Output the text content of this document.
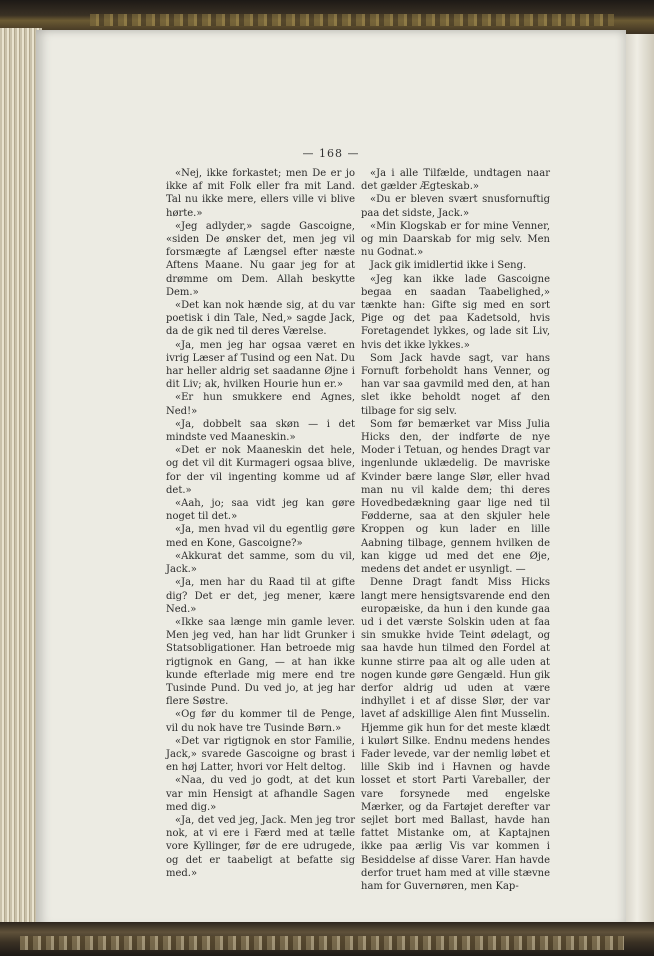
— 168 —

«Nej, ikke forkastet; men De er jo ikke af mit Folk eller fra mit Land. Tal nu ikke mere, ellers ville vi blive hørte.»

«Jeg adlyder,» sagde Gascoigne, «siden De ønsker det, men jeg vil forsmægte af Længsel efter næste Aftens Maane. Nu gaar jeg for at drømme om Dem. Allah beskytte Dem.»

«Det kan nok hænde sig, at du var poetisk i din Tale, Ned,» sagde Jack, da de gik ned til deres Værelse.

«Ja, men jeg har ogsaa været en ivrig Læser af Tusind og een Nat. Du har heller aldrig set saadanne Øjne i dit Liv; ak, hvilken Hourie hun er.»

«Er hun smukkere end Agnes, Ned!»

«Ja, dobbelt saa skøn — i det mindste ved Maaneskin.»

«Det er nok Maaneskin det hele, og det vil dit Kurmageri ogsaa blive, for der vil ingenting komme ud af det.»

«Aah, jo; saa vidt jeg kan gøre noget til det.»

«Ja, men hvad vil du egentlig gøre med en Kone, Gascoigne?»

«Akkurat det samme, som du vil, Jack.»

«Ja, men har du Raad til at gifte dig? Det er det, jeg mener, kære Ned.»

«Ikke saa længe min gamle lever. Men jeg ved, han har lidt Grunker i Statsobligationer. Han betroede mig rigtignok en Gang, — at han ikke kunde efterlade mig mere end tre Tusinde Pund. Du ved jo, at jeg har flere Søstre.

«Og før du kommer til de Penge, vil du nok have tre Tusinde Børn.»

«Det var rigtignok en stor Familie, Jack,» svarede Gascoigne og brast i en høj Latter, hvori vor Helt deltog.

«Naa, du ved jo godt, at det kun var min Hensigt at afhandle Sagen med dig.»

«Ja, det ved jeg, Jack. Men jeg tror nok, at vi ere i Færd med at tælle vore Kyllinger, før de ere udrugede, og det er taabeligt at befatte sig med.»

«Ja i alle Tilfælde, undtagen naar det gælder Ægteskab.»

«Du er bleven svært snusfornuftig paa det sidste, Jack.»

«Min Klogskab er for mine Venner, og min Daarskab for mig selv. Men nu Godnat.»

Jack gik imidlertid ikke i Seng.

«Jeg kan ikke lade Gascoigne begaa en saadan Taabelighed,» tænkte han: Gifte sig med en sort Pige og det paa Kadetsold, hvis Foretagendet lykkes, og lade sit Liv, hvis det ikke lykkes.»

Som Jack havde sagt, var hans Fornuft forbeholdt hans Venner, og han var saa gavmild med den, at han slet ikke beholdt noget af den tilbage for sig selv.

Som før bemærket var Miss Julia Hicks den, der indførte de nye Moder i Tetuan, og hendes Dragt var ingenlunde uklædelig. De mavriske Kvinder bære lange Slør, eller hvad man nu vil kalde dem; thi deres Hovedbedækning gaar lige ned til Fødderne, saa at den skjuler hele Kroppen og kun lader en lille Aabning tilbage, gennem hvilken de kan kigge ud med det ene Øje, medens det andet er usynligt. —

Denne Dragt fandt Miss Hicks langt mere hensigtsvarende end den europæiske, da hun i den kunde gaa ud i det værste Solskin uden at faa sin smukke hvide Teint ødelagt, og saa havde hun tilmed den Fordel at kunne stirre paa alt og alle uden at nogen kunde gøre Gengæld. Hun gik derfor aldrig ud uden at være indhyllet i et af disse Slør, der var lavet af adskillige Alen fint Musselin. Hjemme gik hun for det meste klædt i kulørt Silke. Endnu medens hendes Fader levede, var der nemlig løbet et lille Skib ind i Havnen og havde losset et stort Parti Vareballer, der vare forsynede med engelske Mærker, og da Fartøjet derefter var sejlet bort med Ballast, havde han fattet Mistanke om, at Kaptajnen ikke paa ærlig Vis var kommen i Besiddelse af disse Varer. Han havde derfor truet ham med at ville stævne ham for Guvernøren, men Kap-
